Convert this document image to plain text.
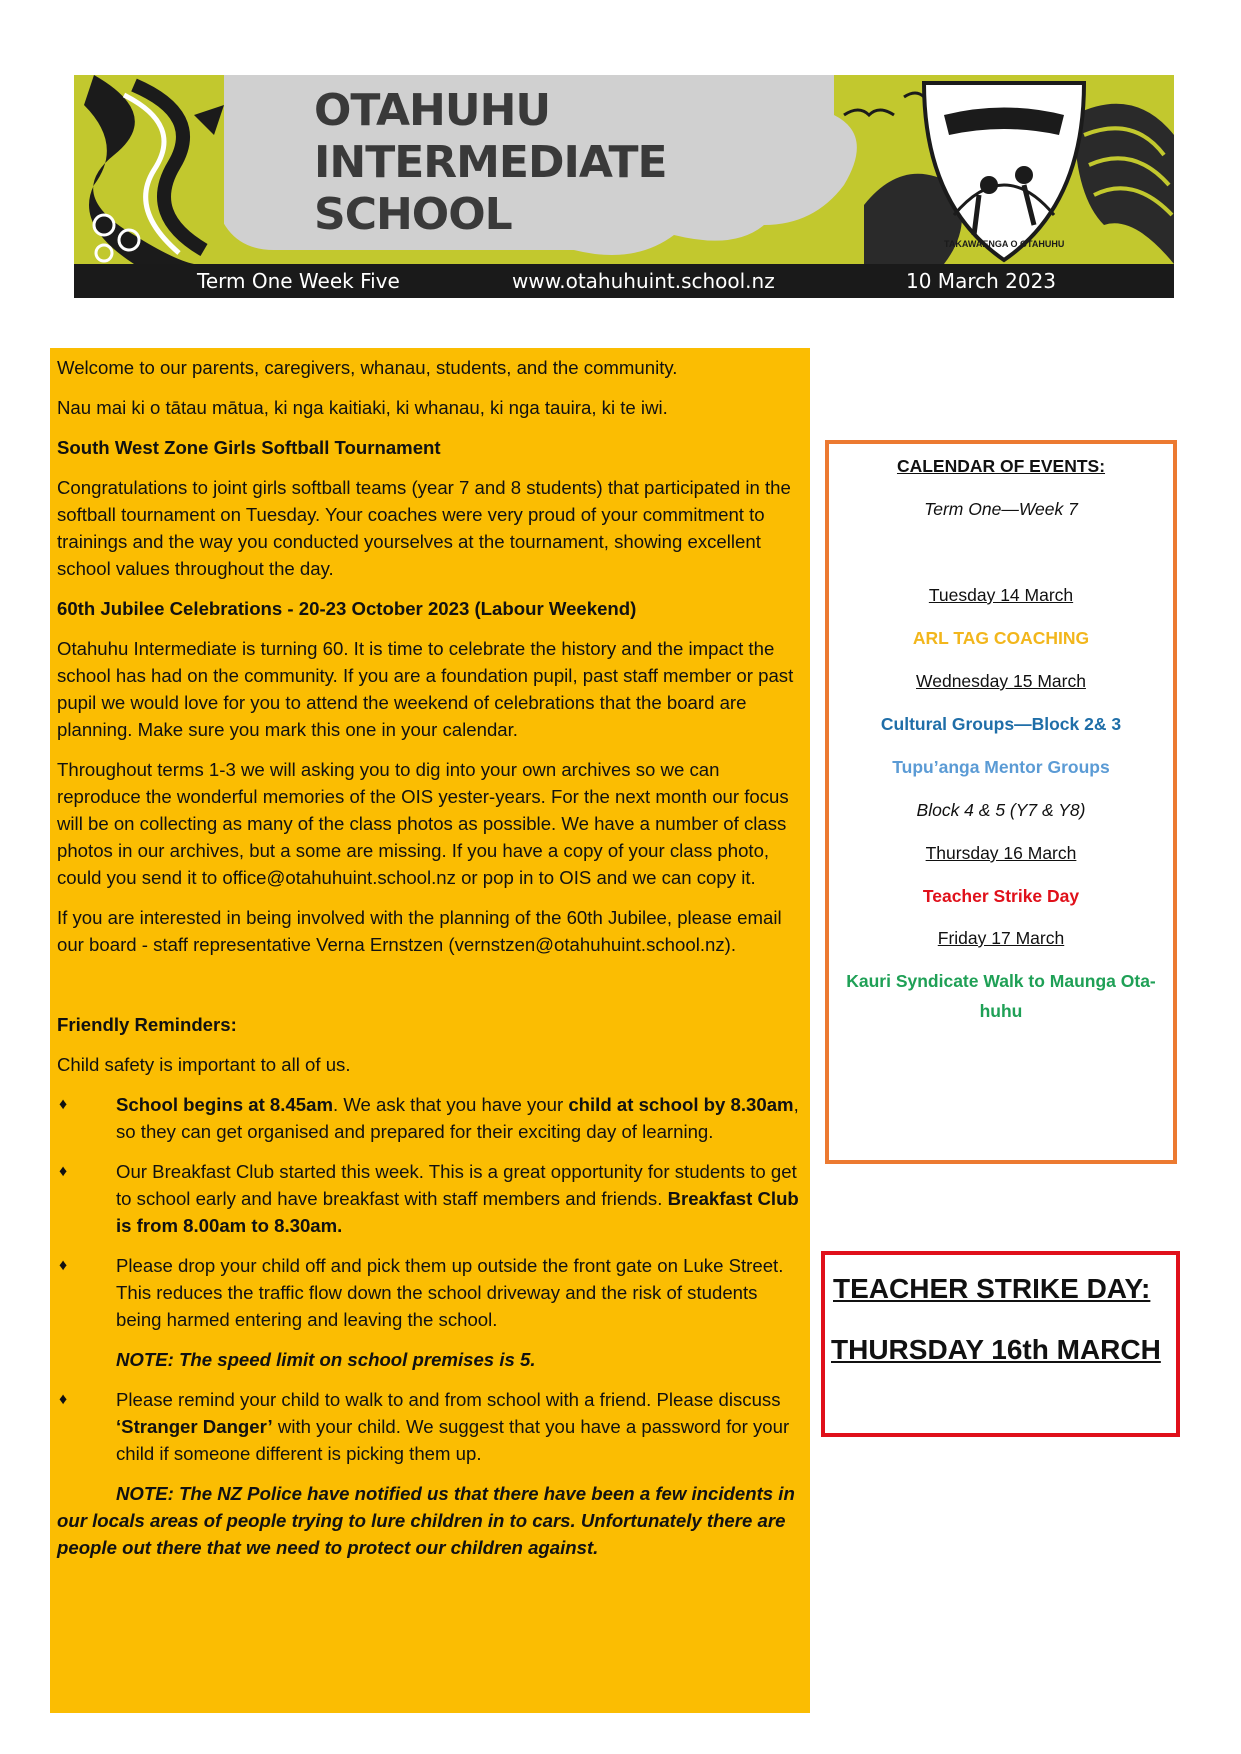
TE KURA
TAKAWAENGA O OTAHUHU
OTAHUHU
INTERMEDIATE
SCHOOL
Term One Week Five	www.otahuhuint.school.nz	10 March 2023

Welcome to our parents, caregivers, whanau, students, and the community.

Nau mai ki o tātau mātua, ki nga kaitiaki, ki whanau, ki nga tauira, ki te iwi.

South West Zone Girls Softball Tournament

Congratulations to joint girls softball teams (year 7 and 8 students) that participated in the softball tournament on Tuesday. Your coaches were very proud of your commitment to trainings and the way you conducted yourselves at the tournament, showing excellent school values throughout the day.

60th Jubilee Celebrations - 20-23 October 2023 (Labour Weekend)

Otahuhu Intermediate is turning 60. It is time to celebrate the history and the impact the school has had on the community. If you are a foundation pupil, past staff member or past pupil we would love for you to attend the weekend of celebrations that the board are planning. Make sure you mark this one in your calendar.

Throughout terms 1-3 we will asking you to dig into your own archives so we can reproduce the wonderful memories of the OIS yester-years. For the next month our focus will be on collecting as many of the class photos as possible. We have a number of class photos in our archives, but a some are missing. If you have a copy of your class photo, could you send it to office@otahuhuint.school.nz or pop in to OIS and we can copy it.

If you are interested in being involved with the planning of the 60th Jubilee, please email our board - staff representative Verna Ernstzen (vernstzen@otahuhuint.school.nz).

Friendly Reminders:

Child safety is important to all of us.

♦	School begins at 8.45am. We ask that you have your child at school by 8.30am, so they can get organised and prepared for their exciting day of learning.
♦	Our Breakfast Club started this week. This is a great opportunity for students to get to school early and have breakfast with staff members and friends. Breakfast Club is from 8.00am to 8.30am.
♦	Please drop your child off and pick them up outside the front gate on Luke Street. This reduces the traffic flow down the school driveway and the risk of students being harmed entering and leaving the school.

NOTE: The speed limit on school premises is 5.

♦	Please remind your child to walk to and from school with a friend. Please discuss ‘Stranger Danger’ with your child. We suggest that you have a password for your child if someone different is picking them up.

NOTE: The NZ Police have notified us that there have been a few incidents in our locals areas of people trying to lure children in to cars. Unfortunately there are people out there that we need to protect our children against.

CALENDAR OF EVENTS:
Term One—Week 7
Tuesday 14 March
ARL TAG COACHING
Wednesday 15 March
Cultural Groups—Block 2& 3
Tupu’anga Mentor Groups
Block 4 & 5 (Y7 & Y8)
Thursday 16 March
Teacher Strike Day
Friday 17 March
Kauri Syndicate Walk to Maunga Ota-
huhu
TEACHER STRIKE DAY:
THURSDAY 16th MARCH
